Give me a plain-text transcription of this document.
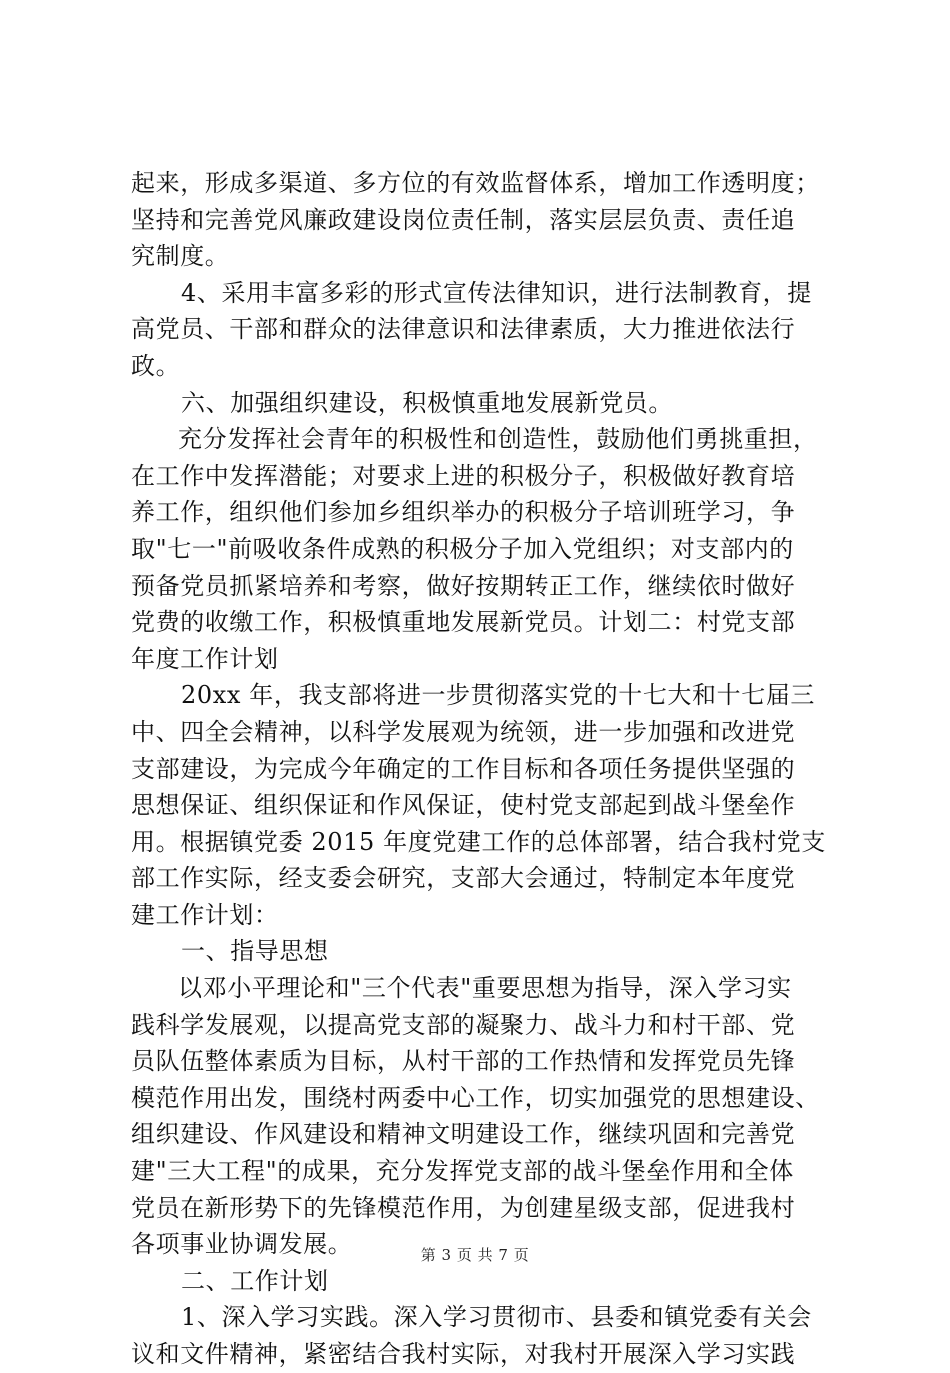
起来，形成多渠道、多方位的有效监督体系，增加工作透明度；
坚持和完善党风廉政建设岗位责任制，落实层层负责、责任追
究制度。
4、采用丰富多彩的形式宣传法律知识，进行法制教育，提
高党员、干部和群众的法律意识和法律素质，大力推进依法行
政。
六、加强组织建设，积极慎重地发展新党员。
充分发挥社会青年的积极性和创造性，鼓励他们勇挑重担，
在工作中发挥潜能；对要求上进的积极分子，积极做好教育培
养工作，组织他们参加乡组织举办的积极分子培训班学习，争
取"七一"前吸收条件成熟的积极分子加入党组织；对支部内的
预备党员抓紧培养和考察，做好按期转正工作，继续依时做好
党费的收缴工作，积极慎重地发展新党员。计划二：村党支部
年度工作计划
20xx 年，我支部将进一步贯彻落实党的十七大和十七届三
中、四全会精神，以科学发展观为统领，进一步加强和改进党
支部建设，为完成今年确定的工作目标和各项任务提供坚强的
思想保证、组织保证和作风保证，使村党支部起到战斗堡垒作
用。根据镇党委 2015 年度党建工作的总体部署，结合我村党支
部工作实际，经支委会研究，支部大会通过，特制定本年度党
建工作计划：
一、指导思想
以邓小平理论和"三个代表"重要思想为指导，深入学习实
践科学发展观，以提高党支部的凝聚力、战斗力和村干部、党
员队伍整体素质为目标，从村干部的工作热情和发挥党员先锋
模范作用出发，围绕村两委中心工作，切实加强党的思想建设、
组织建设、作风建设和精神文明建设工作，继续巩固和完善党
建"三大工程"的成果，充分发挥党支部的战斗堡垒作用和全体
党员在新形势下的先锋模范作用，为创建星级支部，促进我村
各项事业协调发展。
二、工作计划
1、深入学习实践。深入学习贯彻市、县委和镇党委有关会
议和文件精神，紧密结合我村实际，对我村开展深入学习实践
第 3 页 共 7 页
